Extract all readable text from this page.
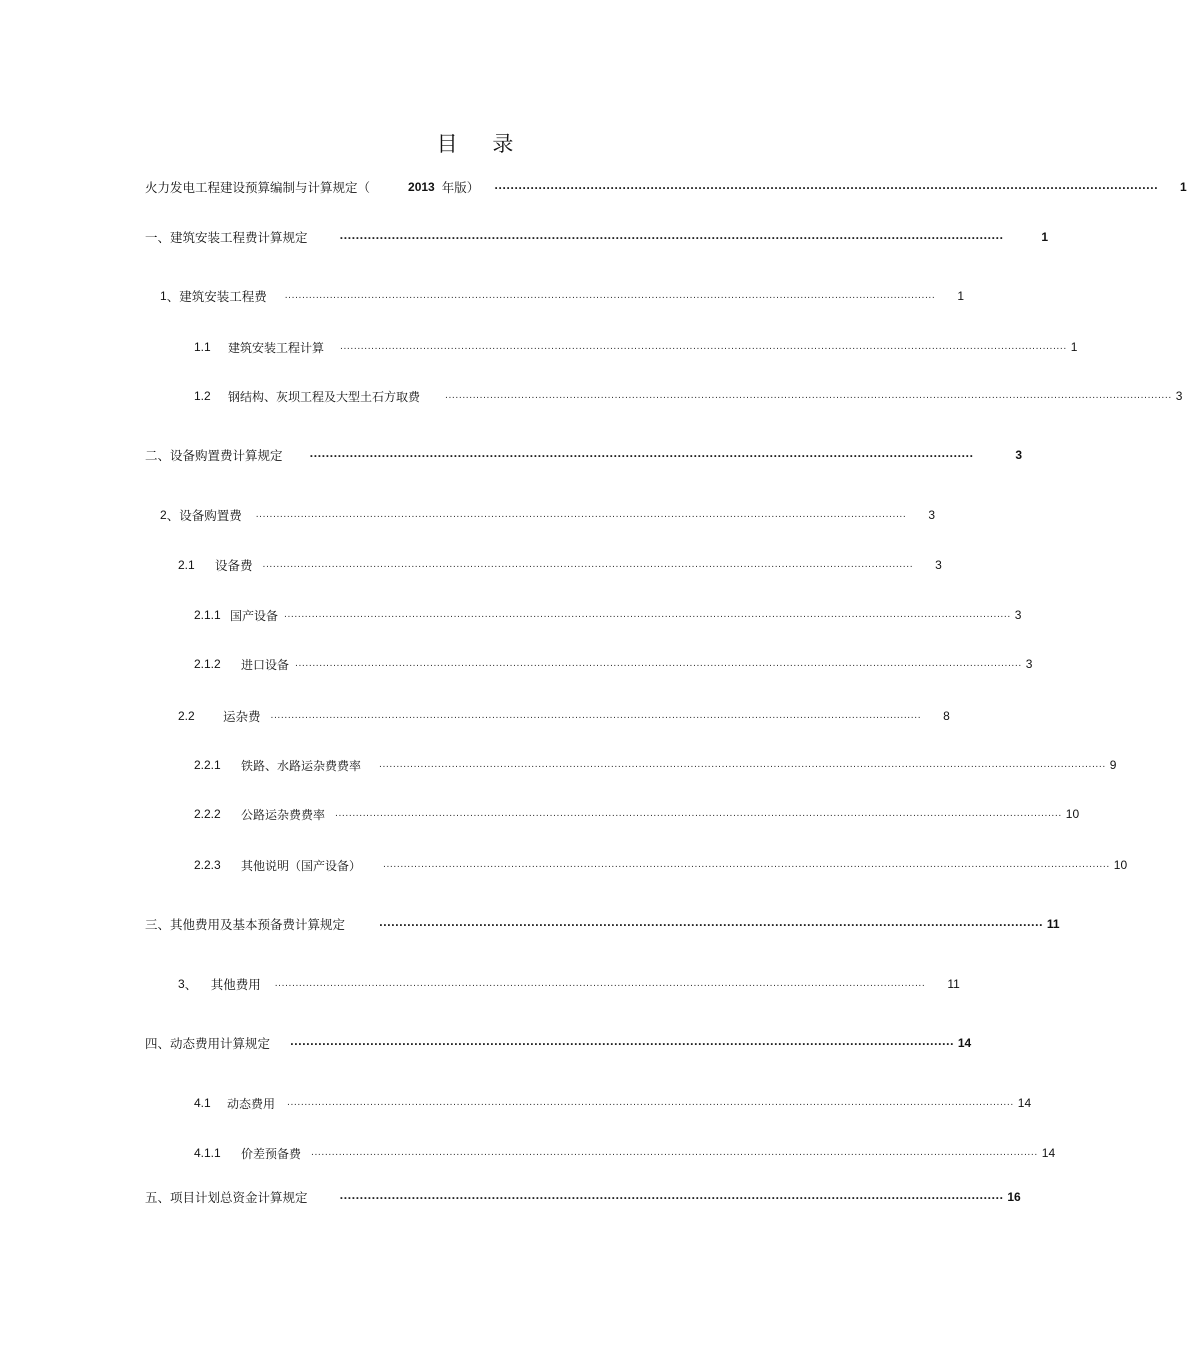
目 录
火力发电工程建设预算编制与计算规定（	2013 年版） ...................................................................................................................................................................... 1
一、建筑安装工程费计算规定	......................................................................................................................................................................	1
1 、建筑安装工程费 ............................................................................................................................................................................................ 1
1.1	建筑安装工程计算 .................................................................................................................................................................................................................. 1
1.2	钢结构、灰坝工程及大型土石方取费	.................................................................................................................................................................................................................. 3
二、设备购置费计算规定	......................................................................................................................................................................	3
2 、设备购置费 ............................................................................................................................................................................................ 3
2.1	设备费 ............................................................................................................................................................................................ 3
2.1.1 国产设备 .................................................................................................................................................................................................................. 3
2.1.2	进口设备 .................................................................................................................................................................................................................. 3
2.2	运杂费 ............................................................................................................................................................................................ 8
2.2.1	铁路、水路运杂费费率 .................................................................................................................................................................................................................. 9
2.2.2	公路运杂费费率 .................................................................................................................................................................................................................. 10
2.2.3	其他说明（国产设备） .................................................................................................................................................................................................................. 10
三、其他费用及基本预备费计算规定	...................................................................................................................................................................... 11
3 、	其他费用 ............................................................................................................................................................................................ 11
四、动态费用计算规定 ...................................................................................................................................................................... 14
4.1	动态费用 .................................................................................................................................................................................................................. 14
4.1.1	价差预备费 .................................................................................................................................................................................................................. 14
五、项目计划总资金计算规定	...................................................................................................................................................................... 16
